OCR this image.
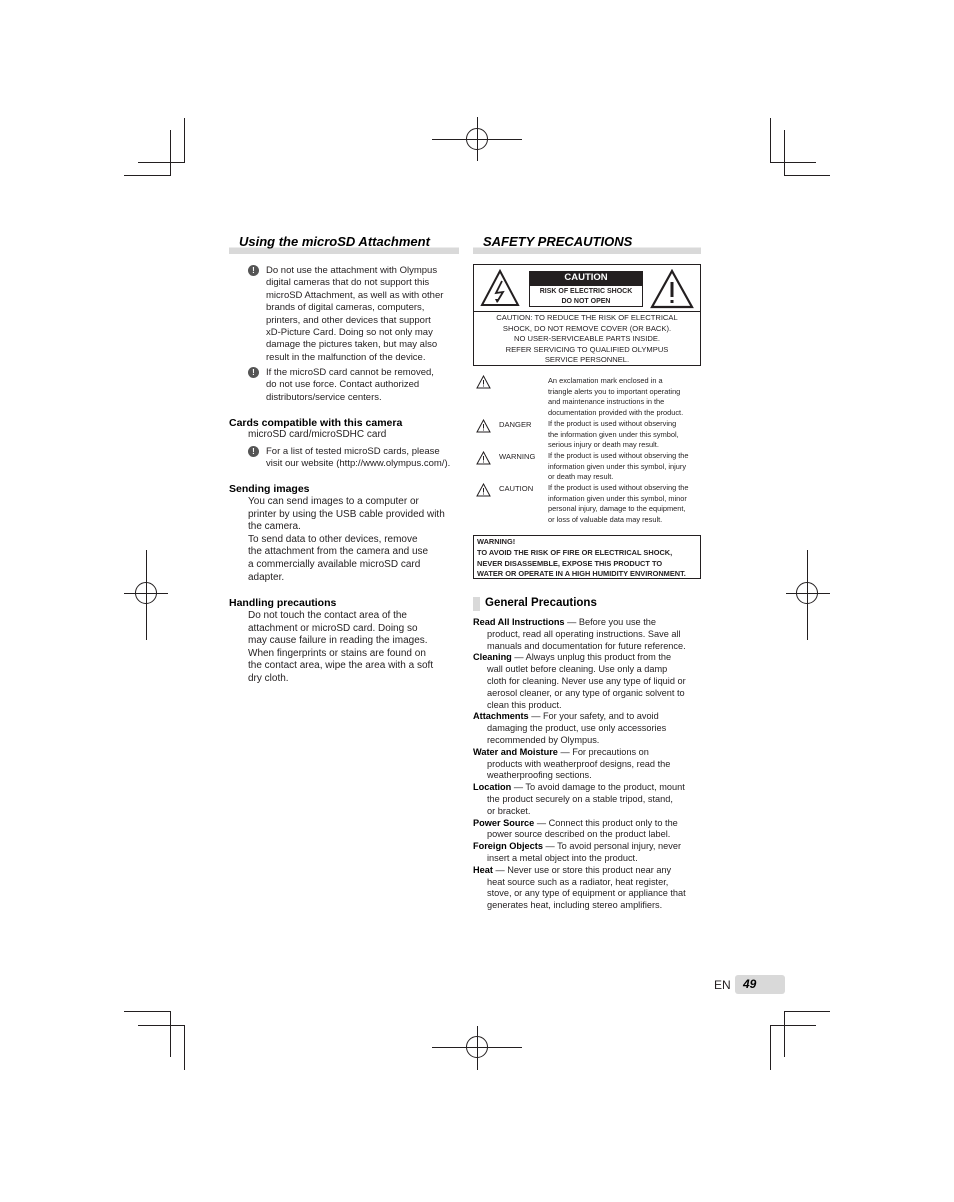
Using the microSD Attachment
!	Do not use the attachment with Olympus
digital cameras that do not support this
microSD Attachment, as well as with other
brands of digital cameras, computers,
printers, and other devices that support
xD-Picture Card. Doing so not only may
damage the pictures taken, but may also
result in the malfunction of the device.
!	If the microSD card cannot be removed,
do not use force. Contact authorized
distributors/service centers.
Cards compatible with this camera
microSD card/microSDHC card
!	For a list of tested microSD cards, please
visit our website (http://www.olympus.com/).
Sending images
You can send images to a computer or
printer by using the USB cable provided with
the camera.
To send data to other devices, remove
the attachment from the camera and use
a commercially available microSD card
adapter.
Handling precautions
Do not touch the contact area of the
attachment or microSD card. Doing so
may cause failure in reading the images.
When fingerprints or stains are found on
the contact area, wipe the area with a soft
dry cloth.
SAFETY PRECAUTIONS
CAUTION
RISK OF ELECTRIC SHOCK
DO NOT OPEN
CAUTION: TO REDUCE THE RISK OF ELECTRICAL
SHOCK, DO NOT REMOVE COVER (OR BACK).
NO USER-SERVICEABLE PARTS INSIDE.
REFER SERVICING TO QUALIFIED OLYMPUS
SERVICE PERSONNEL.
An exclamation mark enclosed in a
triangle alerts you to important operating
and maintenance instructions in the
documentation provided with the product.
DANGER If the product is used without observing
the information given under this symbol,
serious injury or death may result.
WARNING If the product is used without observing the
information given under this symbol, injury
or death may result.
CAUTION If the product is used without observing the
information given under this symbol, minor
personal injury, damage to the equipment,
or loss of valuable data may result.
WARNING!
TO AVOID THE RISK OF FIRE OR ELECTRICAL SHOCK,
NEVER DISASSEMBLE, EXPOSE THIS PRODUCT TO
WATER OR OPERATE IN A HIGH HUMIDITY ENVIRONMENT.
General Precautions
Read All Instructions — Before you use the
product, read all operating instructions. Save all
manuals and documentation for future reference.
Cleaning — Always unplug this product from the
wall outlet before cleaning. Use only a damp
cloth for cleaning. Never use any type of liquid or
aerosol cleaner, or any type of organic solvent to
clean this product.
Attachments — For your safety, and to avoid
damaging the product, use only accessories
recommended by Olympus.
Water and Moisture — For precautions on
products with weatherproof designs, read the
weatherproofing sections.
Location — To avoid damage to the product, mount
the product securely on a stable tripod, stand,
or bracket.
Power Source — Connect this product only to the
power source described on the product label.
Foreign Objects — To avoid personal injury, never
insert a metal object into the product.
Heat — Never use or store this product near any
heat source such as a radiator, heat register,
stove, or any type of equipment or appliance that
generates heat, including stereo amplifiers.
EN	49
